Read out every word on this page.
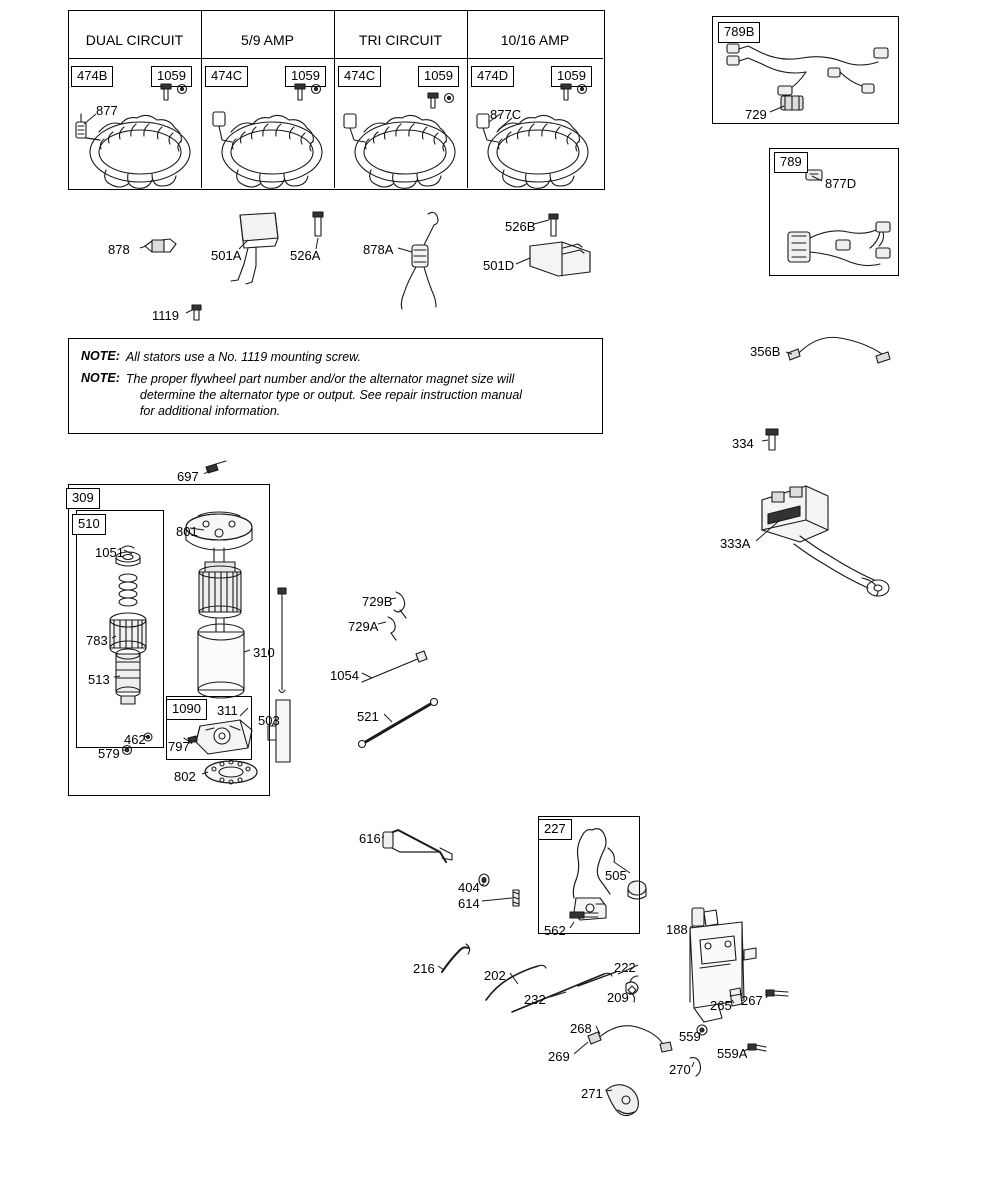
DUAL CIRCUIT	5/9 AMP	TRI CIRCUIT	10/16 AMP
474B	1059	474C	1059	474C	1059	474D	1059
NOTE: All stators use a No. 1119 mounting screw.
NOTE: The proper flywheel part number and/or the alternator magnet size will
determine the alternator type or output. See repair instruction manual
for additional information.
877	877C
878	501A	526A	878A
526B
501D
1119
789B
729
789
877D
356B
334
333A
697
309
510
801
1051
783
310
513
1090	311
503
462 797
579
802
729B
729A
1054
521
616
404
614
227
505
562	188
216	202
222
232	209
265 267
268
559
269	559A
270
271
